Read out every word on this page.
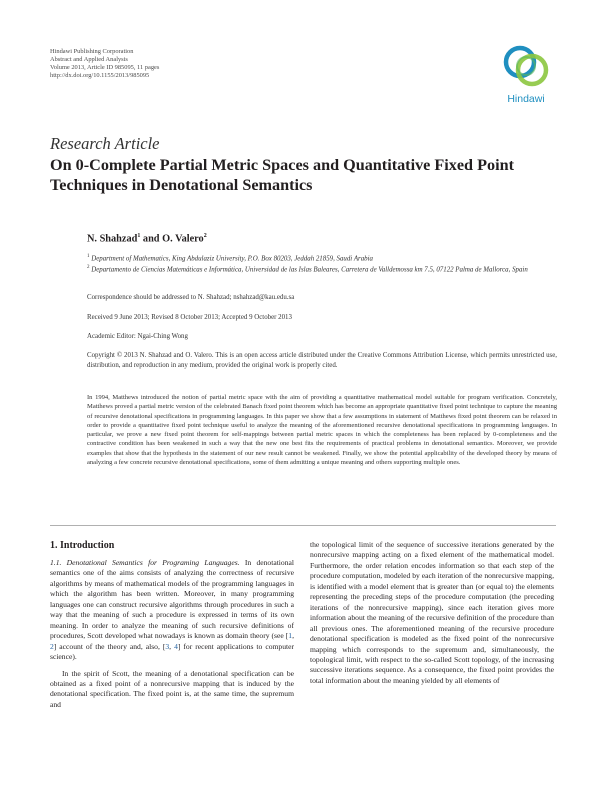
Hindawi Publishing Corporation
Abstract and Applied Analysis
Volume 2013, Article ID 985095, 11 pages
http://dx.doi.org/10.1155/2013/985095
Hindawi
Research Article
On 0-Complete Partial Metric Spaces and Quantitative Fixed Point Techniques in Denotational Semantics
N. Shahzad$^1$ and O. Valero$^2$
$^1$ Department of Mathematics, King Abdulaziz University, P.O. Box 80203, Jeddah 21859, Saudi Arabia
$^2$ Departamento de Ciencias Matemáticas e Informática, Universidad de las Islas Baleares, Carretera de Valldemossa km 7.5, 07122 Palma de Mallorca, Spain
Correspondence should be addressed to N. Shahzad; nshahzad@kau.edu.sa
Received 9 June 2013; Revised 8 October 2013; Accepted 9 October 2013
Academic Editor: Ngai-Ching Wong
Copyright © 2013 N. Shahzad and O. Valero. This is an open access article distributed under the Creative Commons Attribution License, which permits unrestricted use, distribution, and reproduction in any medium, provided the original work is properly cited.
In 1994, Matthews introduced the notion of partial metric space with the aim of providing a quantitative mathematical model suitable for program verification. Concretely, Matthews proved a partial metric version of the celebrated Banach fixed point theorem which has become an appropriate quantitative fixed point technique to capture the meaning of recursive denotational specifications in programming languages. In this paper we show that a few assumptions in statement of Matthews fixed point theorem can be relaxed in order to provide a quantitative fixed point technique useful to analyze the meaning of the aforementioned recursive denotational specifications in programming languages. In particular, we prove a new fixed point theorem for self-mappings between partial metric spaces in which the completeness has been replaced by 0-completeness and the contractive condition has been weakened in such a way that the new one best fits the requirements of practical problems in denotational semantics. Moreover, we provide examples that show that the hypothesis in the statement of our new result cannot be weakened. Finally, we show the potential applicability of the developed theory by means of analyzing a few concrete recursive denotational specifications, some of them admitting a unique meaning and others supporting multiple ones.
1. Introduction

1.1. Denotational Semantics for Programing Languages. In denotational semantics one of the aims consists of analyzing the correctness of recursive algorithms by means of mathematical models of the programming languages in which the algorithm has been written. Moreover, in many programming languages one can construct recursive algorithms through procedures in such a way that the meaning of such a procedure is expressed in terms of its own meaning. In order to analyze the meaning of such recursive definitions of procedures, Scott developed what nowadays is known as domain theory (see [1, 2] account of the theory and, also, [3, 4] for recent applications to computer science).

In the spirit of Scott, the meaning of a denotational specification can be obtained as a fixed point of a nonrecursive mapping that is induced by the denotational specification. The fixed point is, at the same time, the supremum and

the topological limit of the sequence of successive iterations generated by the nonrecursive mapping acting on a fixed element of the mathematical model. Furthermore, the order relation encodes information so that each step of the procedure computation, modeled by each iteration of the nonrecursive mapping, is identified with a model element that is greater than (or equal to) the elements representing the preceding steps of the procedure computation (the preceding iterations of the nonrecursive mapping), since each iteration gives more information about the meaning of the recursive definition of the procedure than all previous ones. The aforementioned meaning of the recursive procedure denotational specification is modeled as the fixed point of the nonrecursive mapping which corresponds to the supremum and, simultaneously, the topological limit, with respect to the so-called Scott topology, of the increasing successive iterations sequence. As a consequence, the fixed point provides the total information about the meaning yielded by all elements of
